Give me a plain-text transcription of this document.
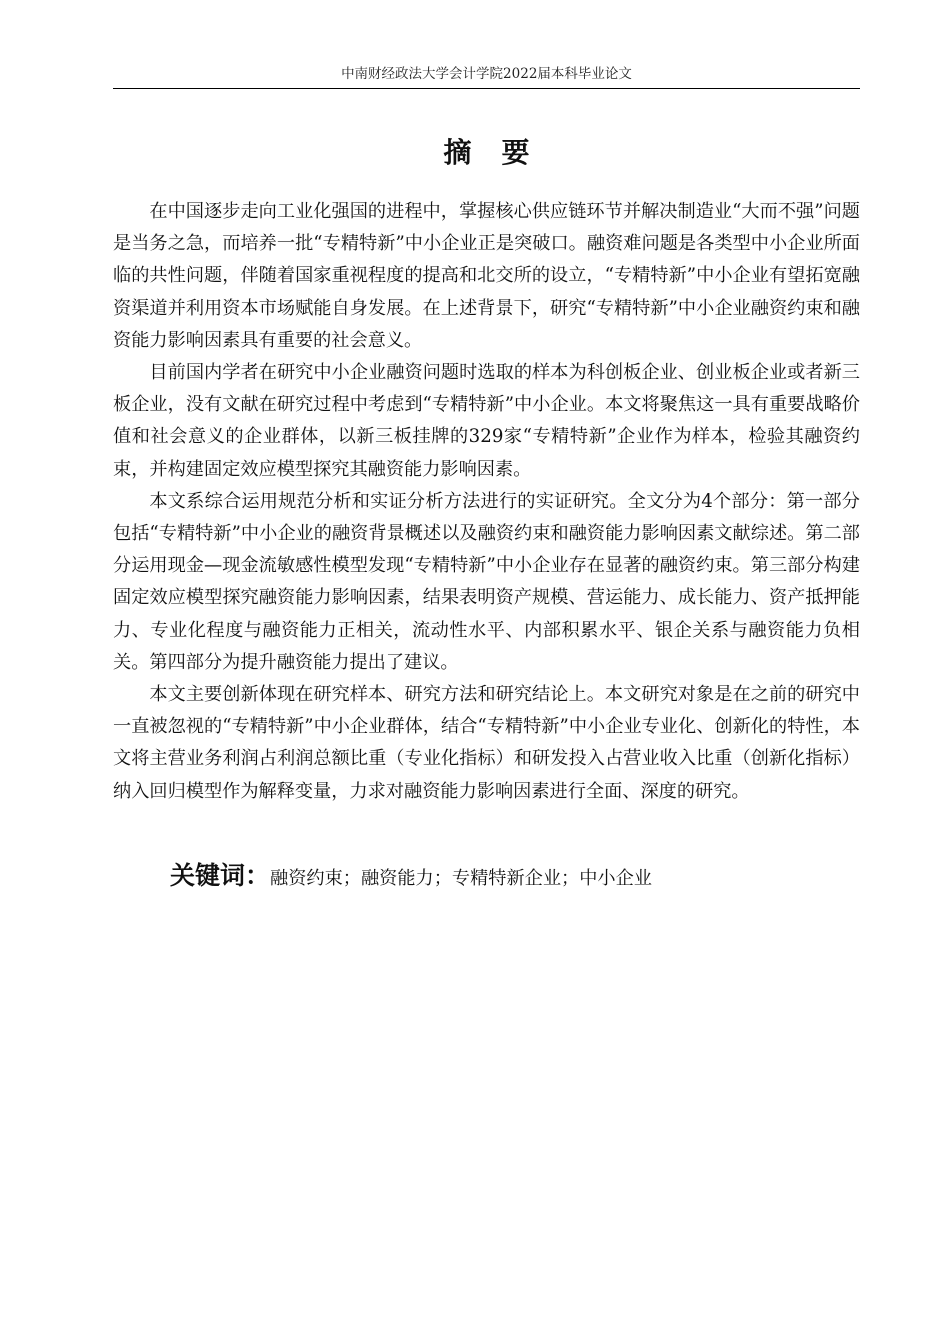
中南财经政法大学会计学院2022届本科毕业论文
摘要

在中国逐步走向工业化强国的进程中，掌握核心供应链环节并解决制造业“大而不强”问题是当务之急，而培养一批“专精特新”中小企业正是突破口。融资难问题是各类型中小企业所面临的共性问题，伴随着国家重视程度的提高和北交所的设立，“专精特新”中小企业有望拓宽融资渠道并利用资本市场赋能自身发展。在上述背景下，研究“专精特新”中小企业融资约束和融资能力影响因素具有重要的社会意义。

目前国内学者在研究中小企业融资问题时选取的样本为科创板企业、创业板企业或者新三板企业，没有文献在研究过程中考虑到“专精特新”中小企业。本文将聚焦这一具有重要战略价值和社会意义的企业群体，以新三板挂牌的329家“专精特新”企业作为样本，检验其融资约束，并构建固定效应模型探究其融资能力影响因素。

本文系综合运用规范分析和实证分析方法进行的实证研究。全文分为4个部分：第一部分包括“专精特新”中小企业的融资背景概述以及融资约束和融资能力影响因素文献综述。第二部分运用现金—现金流敏感性模型发现“专精特新”中小企业存在显著的融资约束。第三部分构建固定效应模型探究融资能力影响因素，结果表明资产规模、营运能力、成长能力、资产抵押能力、专业化程度与融资能力正相关，流动性水平、内部积累水平、银企关系与融资能力负相关。第四部分为提升融资能力提出了建议。

本文主要创新体现在研究样本、研究方法和研究结论上。本文研究对象是在之前的研究中一直被忽视的“专精特新”中小企业群体，结合“专精特新”中小企业专业化、创新化的特性，本文将主营业务利润占利润总额比重（专业化指标）和研发投入占营业收入比重（创新化指标）纳入回归模型作为解释变量，力求对融资能力影响因素进行全面、深度的研究。

关键词：融资约束；融资能力；专精特新企业；中小企业
